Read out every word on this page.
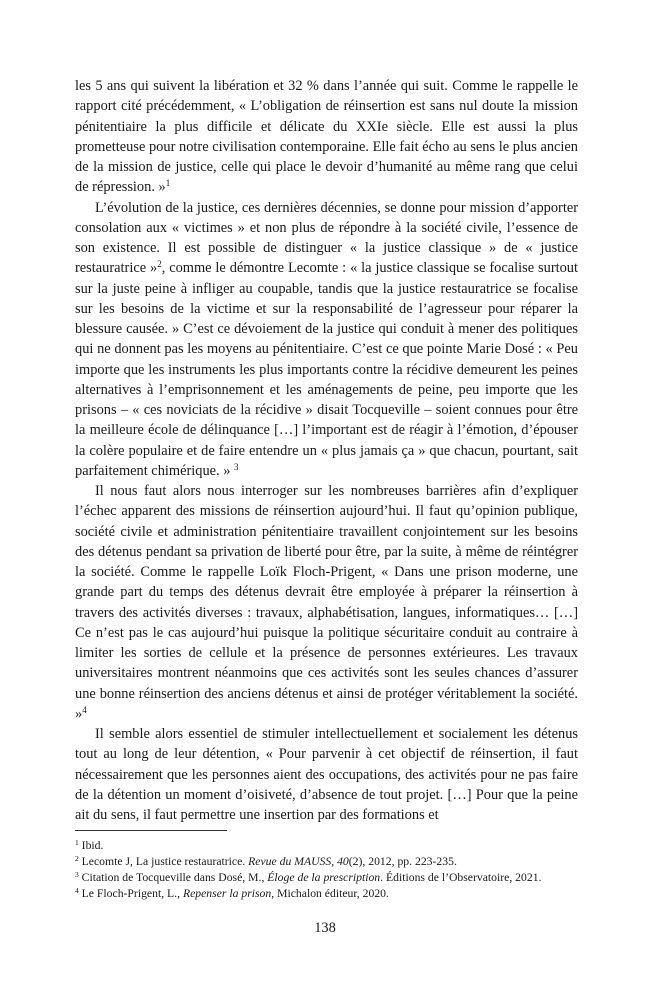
les 5 ans qui suivent la libération et 32 % dans l’année qui suit. Comme le rappelle le rapport cité précédemment, « L’obligation de réinsertion est sans nul doute la mission pénitentiaire la plus difficile et délicate du XXIe siècle. Elle est aussi la plus prometteuse pour notre civilisation contemporaine. Elle fait écho au sens le plus ancien de la mission de justice, celle qui place le devoir d’humanité au même rang que celui de répression. »$^1$

L’évolution de la justice, ces dernières décennies, se donne pour mission d’apporter consolation aux « victimes » et non plus de répondre à la société civile, l’essence de son existence. Il est possible de distinguer « la justice classique » de « justice restauratrice »$^2$, comme le démontre Lecomte : « la justice classique se focalise surtout sur la juste peine à infliger au coupable, tandis que la justice restauratrice se focalise sur les besoins de la victime et sur la responsabilité de l’agresseur pour réparer la blessure causée. » C’est ce dévoiement de la justice qui conduit à mener des politiques qui ne donnent pas les moyens au pénitentiaire. C’est ce que pointe Marie Dosé : « Peu importe que les instruments les plus importants contre la récidive demeurent les peines alternatives à l’emprisonnement et les aménagements de peine, peu importe que les prisons – « ces noviciats de la récidive » disait Tocqueville – soient connues pour être la meilleure école de délinquance […] l’important est de réagir à l’émotion, d’épouser la colère populaire et de faire entendre un « plus jamais ça » que chacun, pourtant, sait parfaitement chimérique. » $^3$

Il nous faut alors nous interroger sur les nombreuses barrières afin d’expliquer l’échec apparent des missions de réinsertion aujourd’hui. Il faut qu’opinion publique, société civile et administration pénitentiaire travaillent conjointement sur les besoins des détenus pendant sa privation de liberté pour être, par la suite, à même de réintégrer la société. Comme le rappelle Loïk Floch-Prigent, « Dans une prison moderne, une grande part du temps des détenus devrait être employée à préparer la réinsertion à travers des activités diverses : travaux, alphabétisation, langues, informatiques… […] Ce n’est pas le cas aujourd’hui puisque la politique sécuritaire conduit au contraire à limiter les sorties de cellule et la présence de personnes extérieures. Les travaux universitaires montrent néanmoins que ces activités sont les seules chances d’assurer une bonne réinsertion des anciens détenus et ainsi de protéger véritablement la société. »$^4$

Il semble alors essentiel de stimuler intellectuellement et socialement les détenus tout au long de leur détention, « Pour parvenir à cet objectif de réinsertion, il faut nécessairement que les personnes aient des occupations, des activités pour ne pas faire de la détention un moment d’oisiveté, d’absence de tout projet. […] Pour que la peine ait du sens, il faut permettre une insertion par des formations et

$^1$ Ibid.

$^2$ Lecomte J, La justice restauratrice. Revue du MAUSS, 40(2), 2012, pp. 223-235.

$^3$ Citation de Tocqueville dans Dosé, M., Éloge de la prescription. Éditions de l’Observatoire, 2021.

$^4$ Le Floch-Prigent, L., Repenser la prison, Michalon éditeur, 2020.

138
